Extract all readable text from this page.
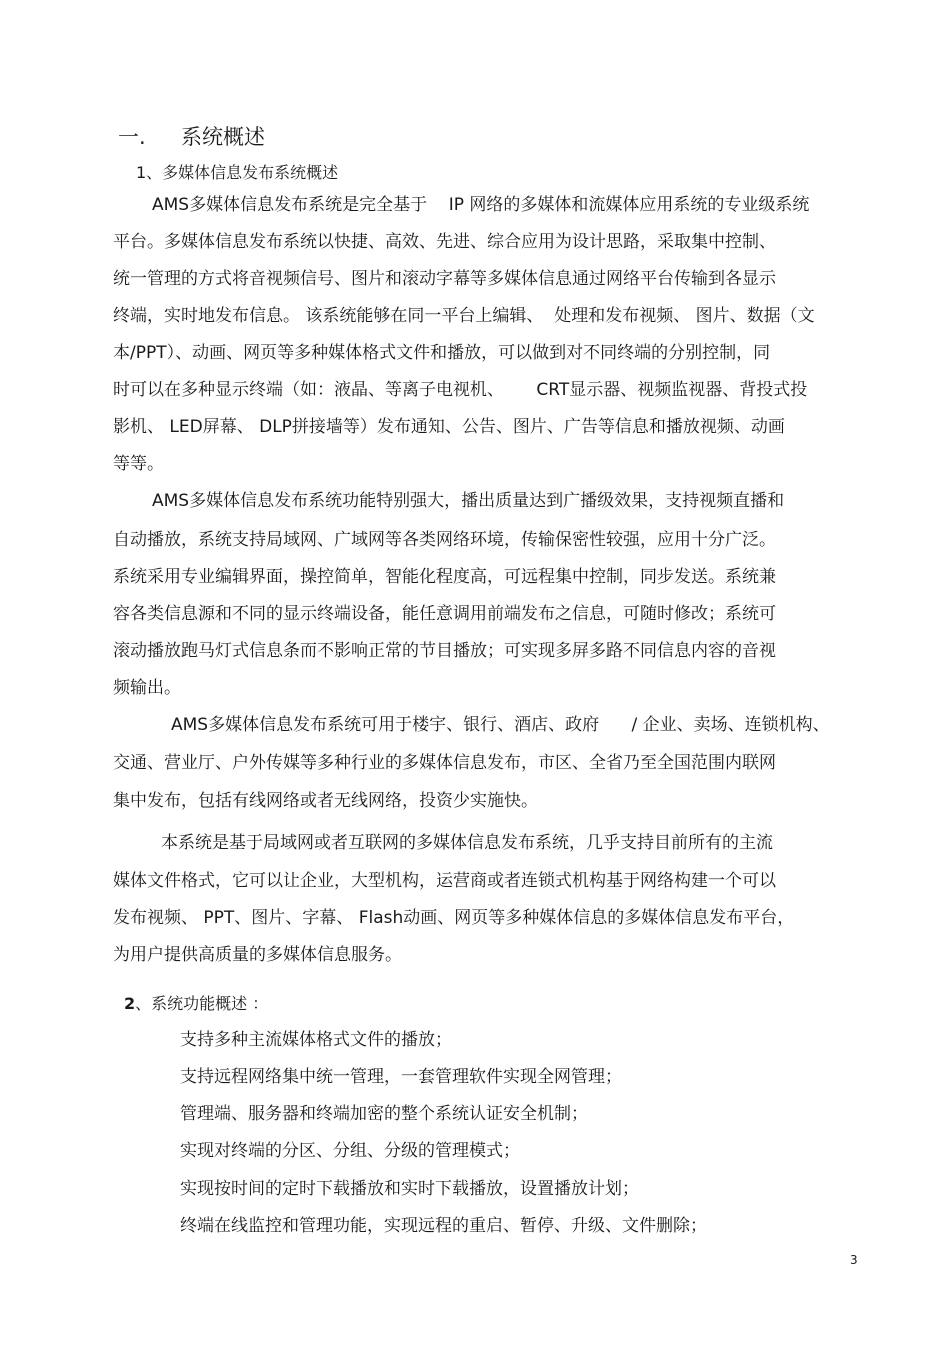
一. 系统概述
1、多媒体信息发布系统概述
AMS多媒体信息发布系统是完全基于    IP 网络的多媒体和流媒体应用系统的专业级系统
平台。多媒体信息发布系统以快捷、高效、先进、综合应用为设计思路，采取集中控制、
统一管理的方式将音视频信号、图片和滚动字幕等多媒体信息通过网络平台传输到各显示
终端，实时地发布信息。 该系统能够在同一平台上编辑、  处理和发布视频、 图片、数据（文
本/PPT）、动画、网页等多种媒体格式文件和播放，可以做到对不同终端的分别控制，同
时可以在多种显示终端（如：液晶、等离子电视机、      CRT显示器、视频监视器、背投式投
影机、 LED屏幕、 DLP拼接墙等）发布通知、公告、图片、广告等信息和播放视频、动画
等等。
AMS多媒体信息发布系统功能特别强大，播出质量达到广播级效果，支持视频直播和
自动播放，系统支持局域网、广域网等各类网络环境，传输保密性较强，应用十分广泛。
系统采用专业编辑界面，操控简单，智能化程度高，可远程集中控制，同步发送。系统兼
容各类信息源和不同的显示终端设备，能任意调用前端发布之信息，可随时修改；系统可
滚动播放跑马灯式信息条而不影响正常的节目播放；可实现多屏多路不同信息内容的音视
频输出。
AMS多媒体信息发布系统可用于楼宇、银行、酒店、政府      / 企业、卖场、连锁机构、
交通、营业厅、户外传媒等多种行业的多媒体信息发布，市区、全省乃至全国范围内联网
集中发布，包括有线网络或者无线网络，投资少实施快。
本系统是基于局域网或者互联网的多媒体信息发布系统，几乎支持目前所有的主流
媒体文件格式，它可以让企业，大型机构，运营商或者连锁式机构基于网络构建一个可以
发布视频、 PPT、图片、字幕、 Flash动画、网页等多种媒体信息的多媒体信息发布平台，
为用户提供高质量的多媒体信息服务。
2、系统功能概述 ：
支持多种主流媒体格式文件的播放；
支持远程网络集中统一管理，一套管理软件实现全网管理；
管理端、服务器和终端加密的整个系统认证安全机制；
实现对终端的分区、分组、分级的管理模式；
实现按时间的定时下载播放和实时下载播放，设置播放计划；
终端在线监控和管理功能，实现远程的重启、暂停、升级、文件删除；
3
